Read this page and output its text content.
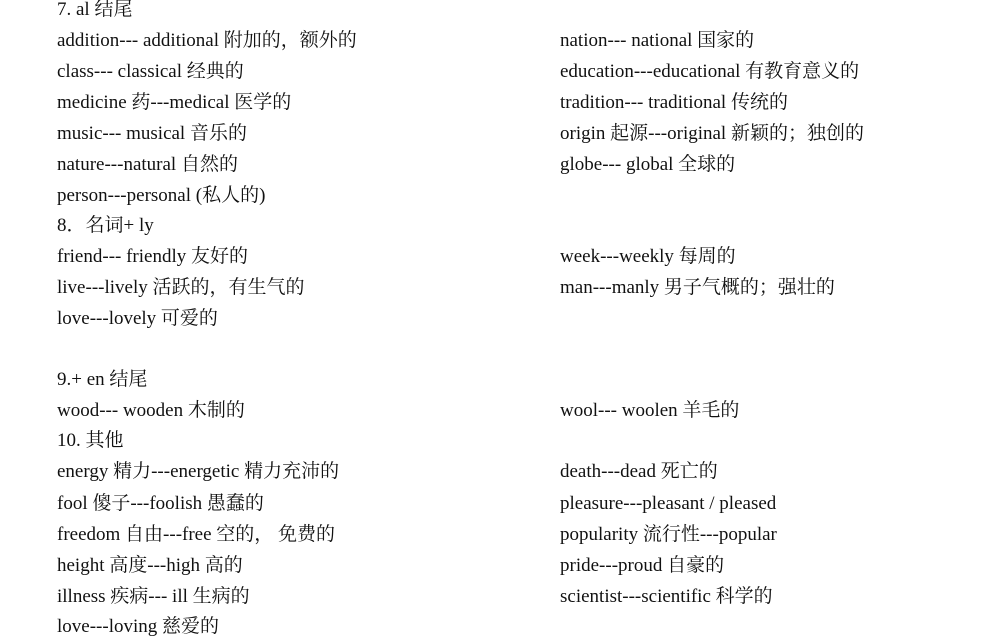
7. al 结尾
addition--- additional 附加的，额外的	nation--- national 国家的
class--- classical 经典的	education---educational 有教育意义的
medicine 药---medical 医学的	tradition--- traditional 传统的
music--- musical 音乐的	origin 起源---original 新颖的；独创的
nature---natural 自然的	globe--- global 全球的
person---personal (私人的)
8．名词+ ly
friend--- friendly 友好的	week---weekly 每周的
live---lively 活跃的，有生气的	man---manly 男子气概的；强壮的
love---lovely 可爱的
9.+ en 结尾
wood--- wooden 木制的	wool--- woolen 羊毛的
10. 其他
energy 精力---energetic 精力充沛的	death---dead 死亡的
fool 傻子---foolish 愚蠢的	pleasure---pleasant / pleased
freedom 自由---free 空的， 免费的	popularity 流行性---popular
height 高度---high 高的	pride---proud 自豪的
illness 疾病--- ill 生病的	scientist---scientific 科学的
love---loving 慈爱的
